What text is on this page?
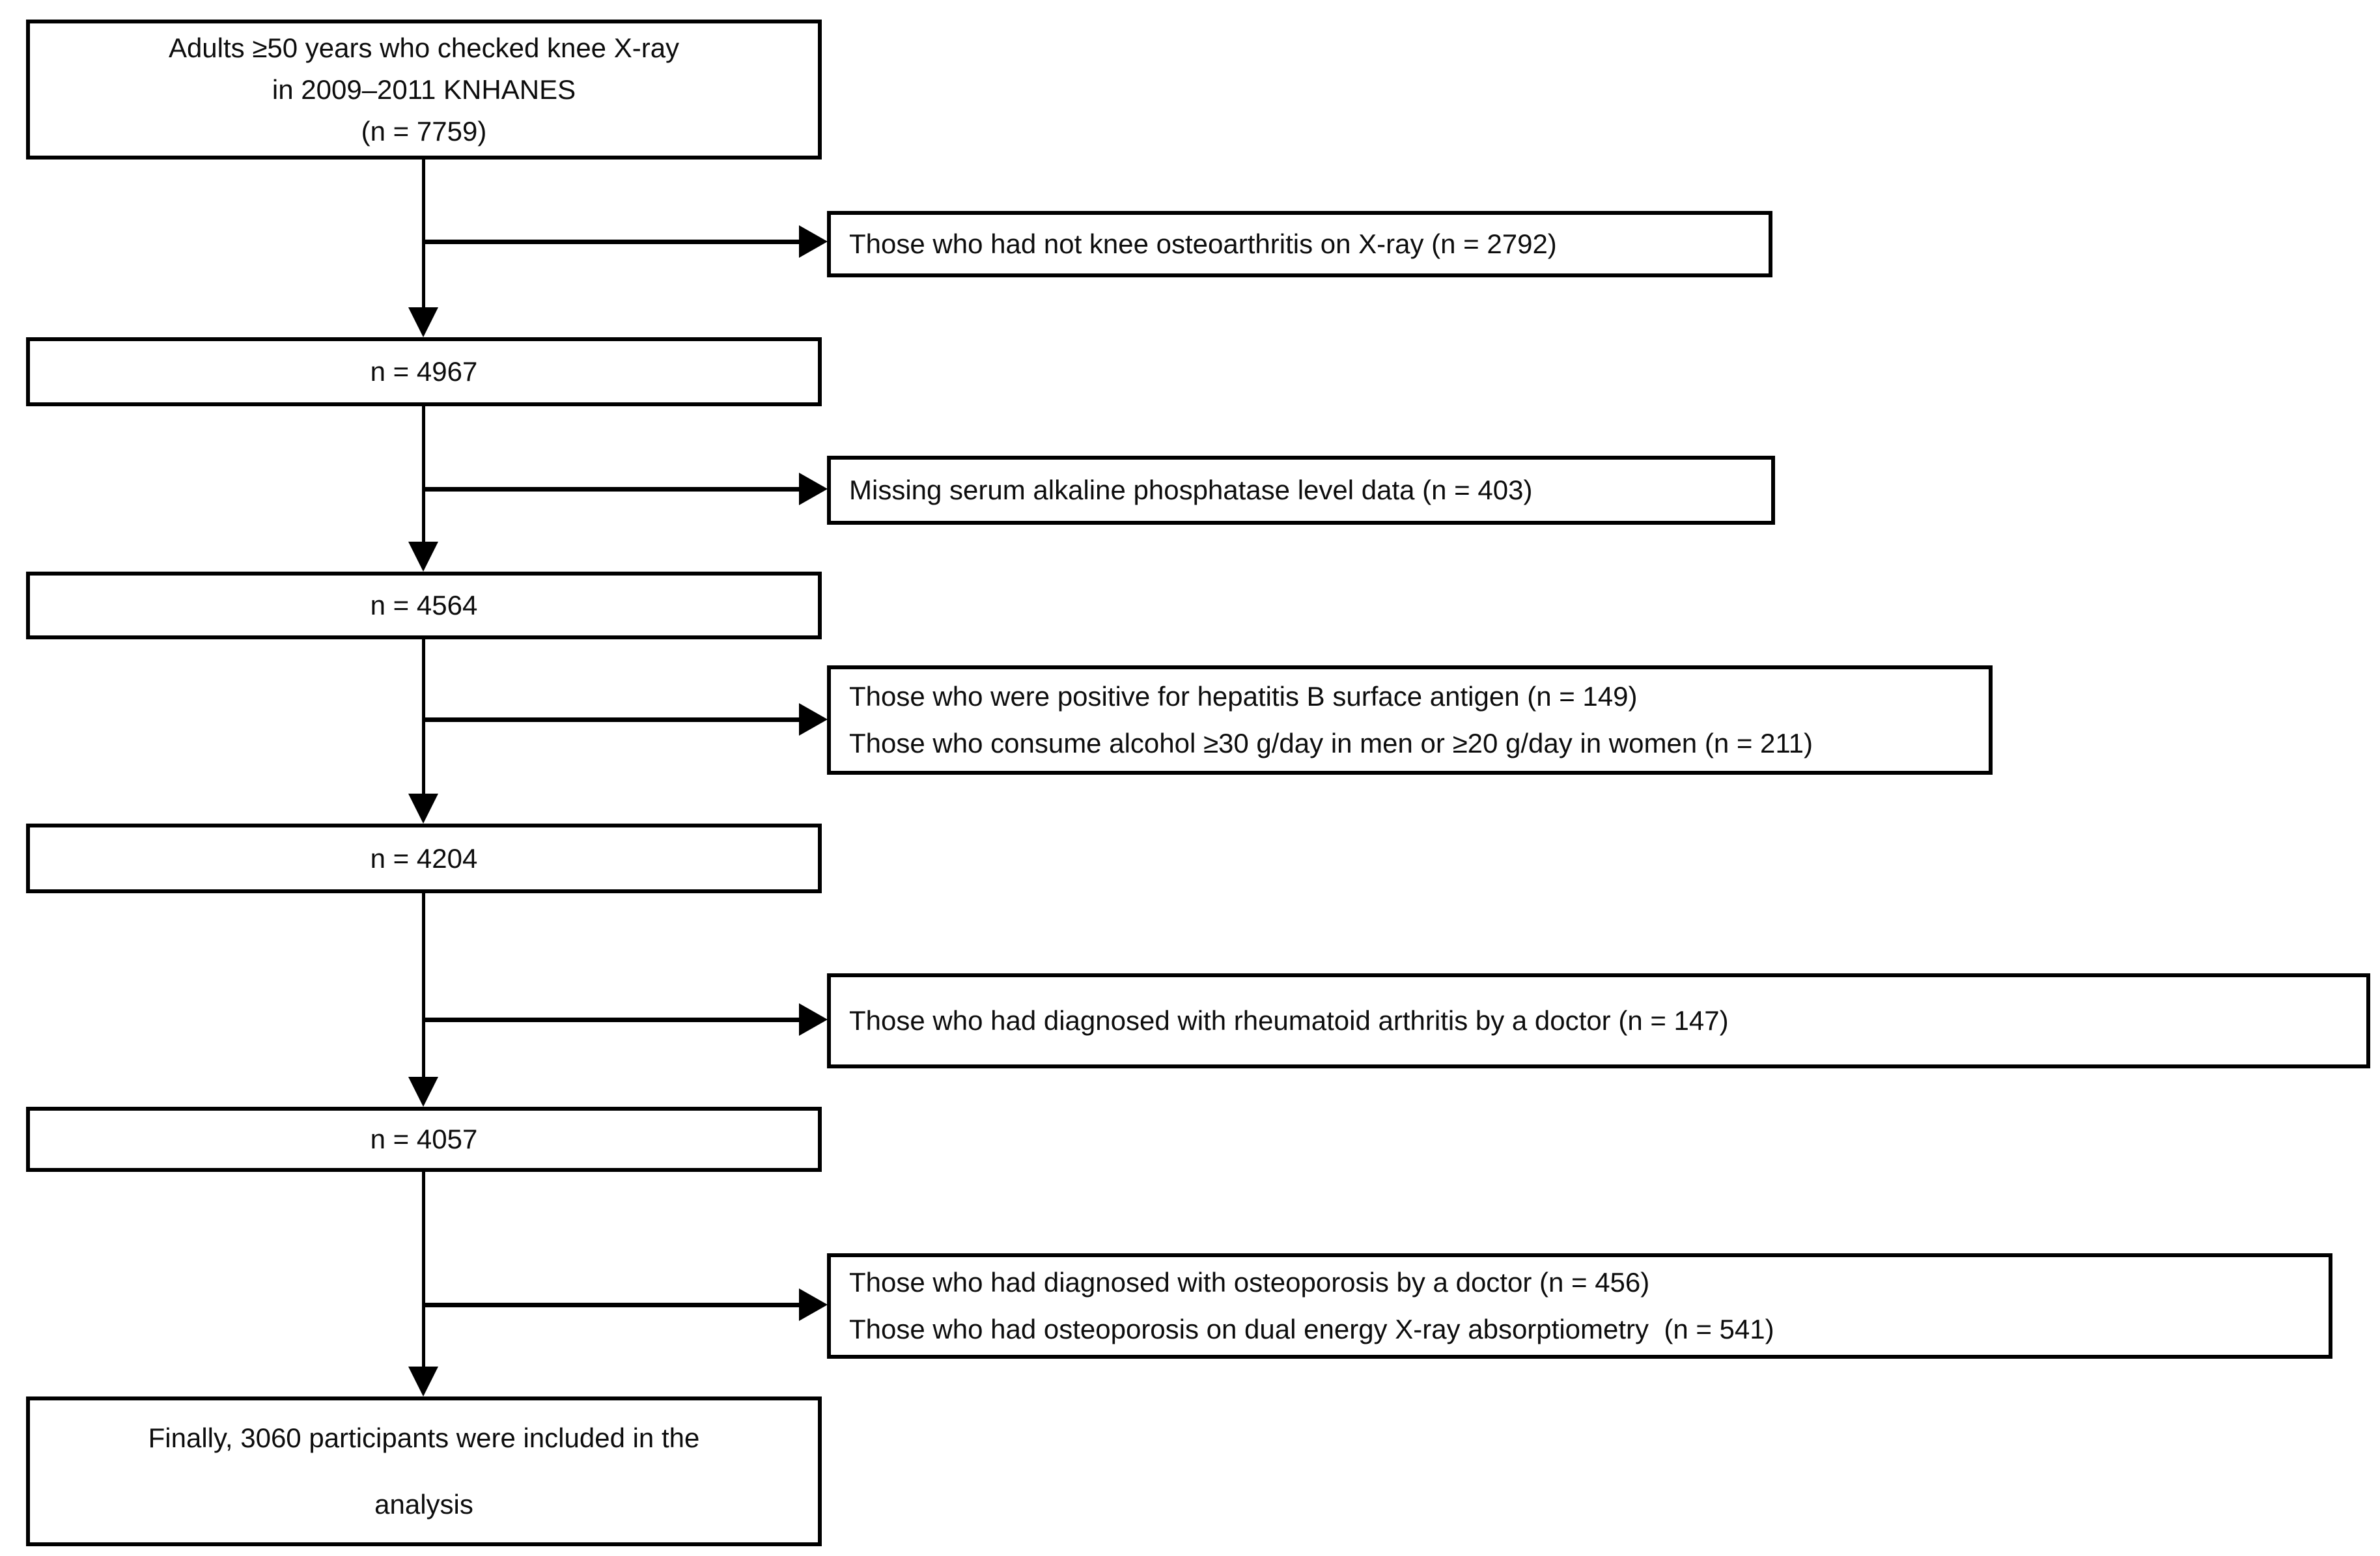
Adults ≥50 years who checked knee X-ray
in 2009–2011 KNHANES
(n = 7759)
n = 4967
n = 4564
n = 4204
n = 4057
Finally, 3060 participants were included in the
analysis
Those who had not knee osteoarthritis on X-ray (n = 2792)
Missing serum alkaline phosphatase level data (n = 403)
Those who were positive for hepatitis B surface antigen (n = 149)
Those who consume alcohol ≥30 g/day in men or ≥20 g/day in women (n = 211)
Those who had diagnosed with rheumatoid arthritis by a doctor (n = 147)
Those who had diagnosed with osteoporosis by a doctor (n = 456)
Those who had osteoporosis on dual energy X-ray absorptiometry  (n = 541)
